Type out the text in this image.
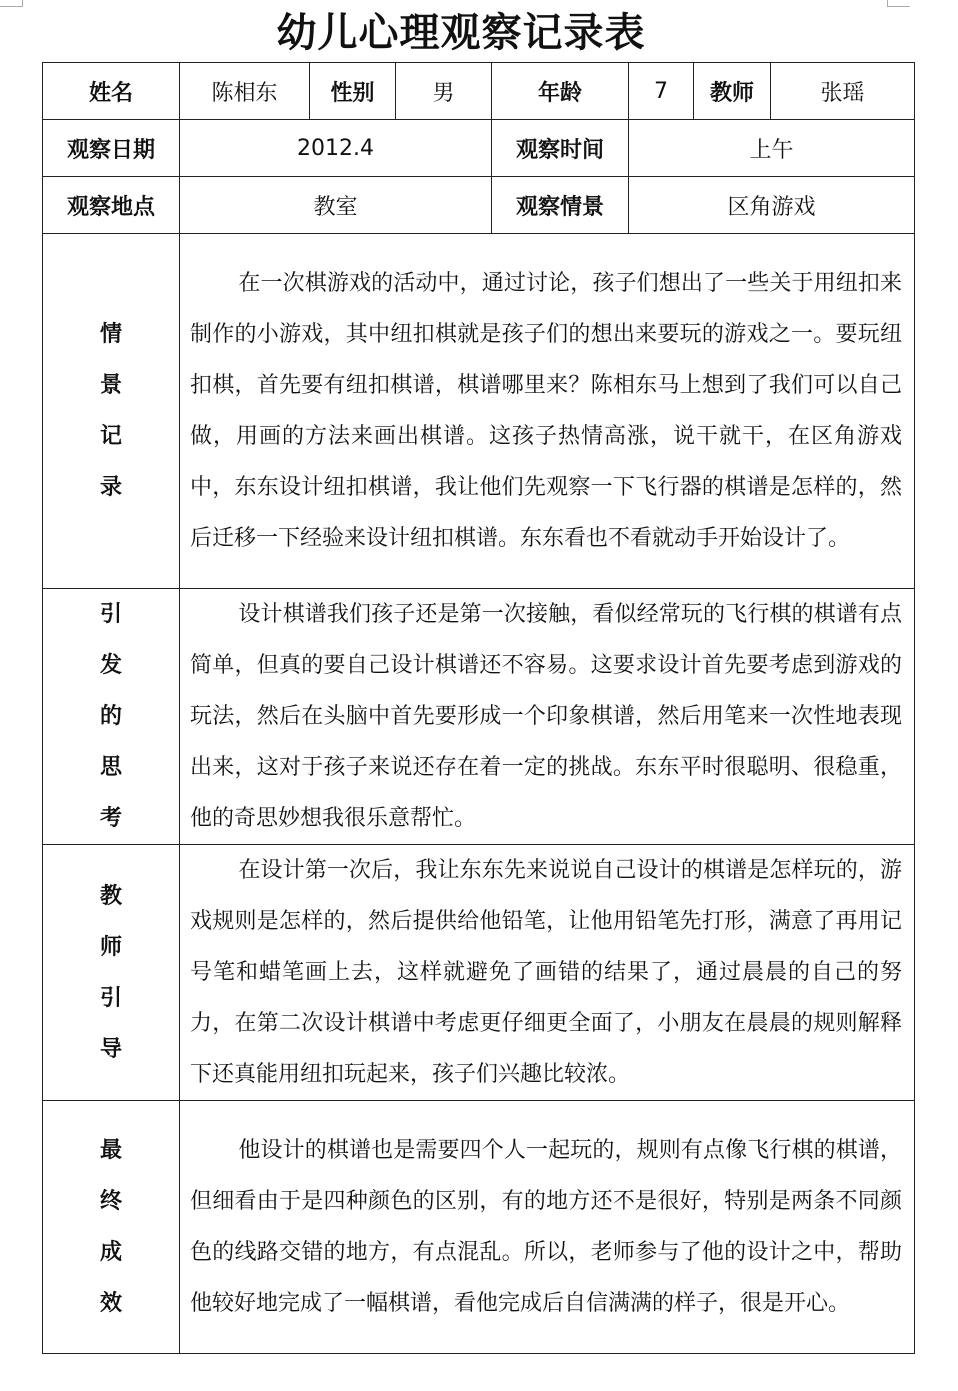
幼儿心理观察记录表
姓名	陈相东	性别	男	年龄	7	教师	张瑶
观察日期	2012.4			观察时间	上午		
观察地点	教室			观察情景	区角游戏		

情
景
记
录	在一次棋游戏的活动中，通过讨论，孩子们想出了一些关于用纽扣来制作的小游戏，其中纽扣棋就是孩子们的想出来要玩的游戏之一。要玩纽扣棋，首先要有纽扣棋谱，棋谱哪里来？陈相东马上想到了我们可以自己做，用画的方法来画出棋谱。这孩子热情高涨，说干就干，在区角游戏中，东东设计纽扣棋谱，我让他们先观察一下飞行器的棋谱是怎样的，然后迁移一下经验来设计纽扣棋谱。东东看也不看就动手开始设计了。						

引
发
的
思
考	设计棋谱我们孩子还是第一次接触，看似经常玩的飞行棋的棋谱有点简单，但真的要自己设计棋谱还不容易。这要求设计首先要考虑到游戏的玩法，然后在头脑中首先要形成一个印象棋谱，然后用笔来一次性地表现出来，这对于孩子来说还存在着一定的挑战。东东平时很聪明、很稳重，他的奇思妙想我很乐意帮忙。						

教
师
引
导	在设计第一次后，我让东东先来说说自己设计的棋谱是怎样玩的，游戏规则是怎样的，然后提供给他铅笔，让他用铅笔先打形，满意了再用记号笔和蜡笔画上去，这样就避免了画错的结果了，通过晨晨的自己的努力，在第二次设计棋谱中考虑更仔细更全面了，小朋友在晨晨的规则解释下还真能用纽扣玩起来，孩子们兴趣比较浓。						

最
终
成
效	他设计的棋谱也是需要四个人一起玩的，规则有点像飞行棋的棋谱，但细看由于是四种颜色的区别，有的地方还不是很好，特别是两条不同颜色的线路交错的地方，有点混乱。所以，老师参与了他的设计之中，帮助他较好地完成了一幅棋谱，看他完成后自信满满的样子，很是开心。						
